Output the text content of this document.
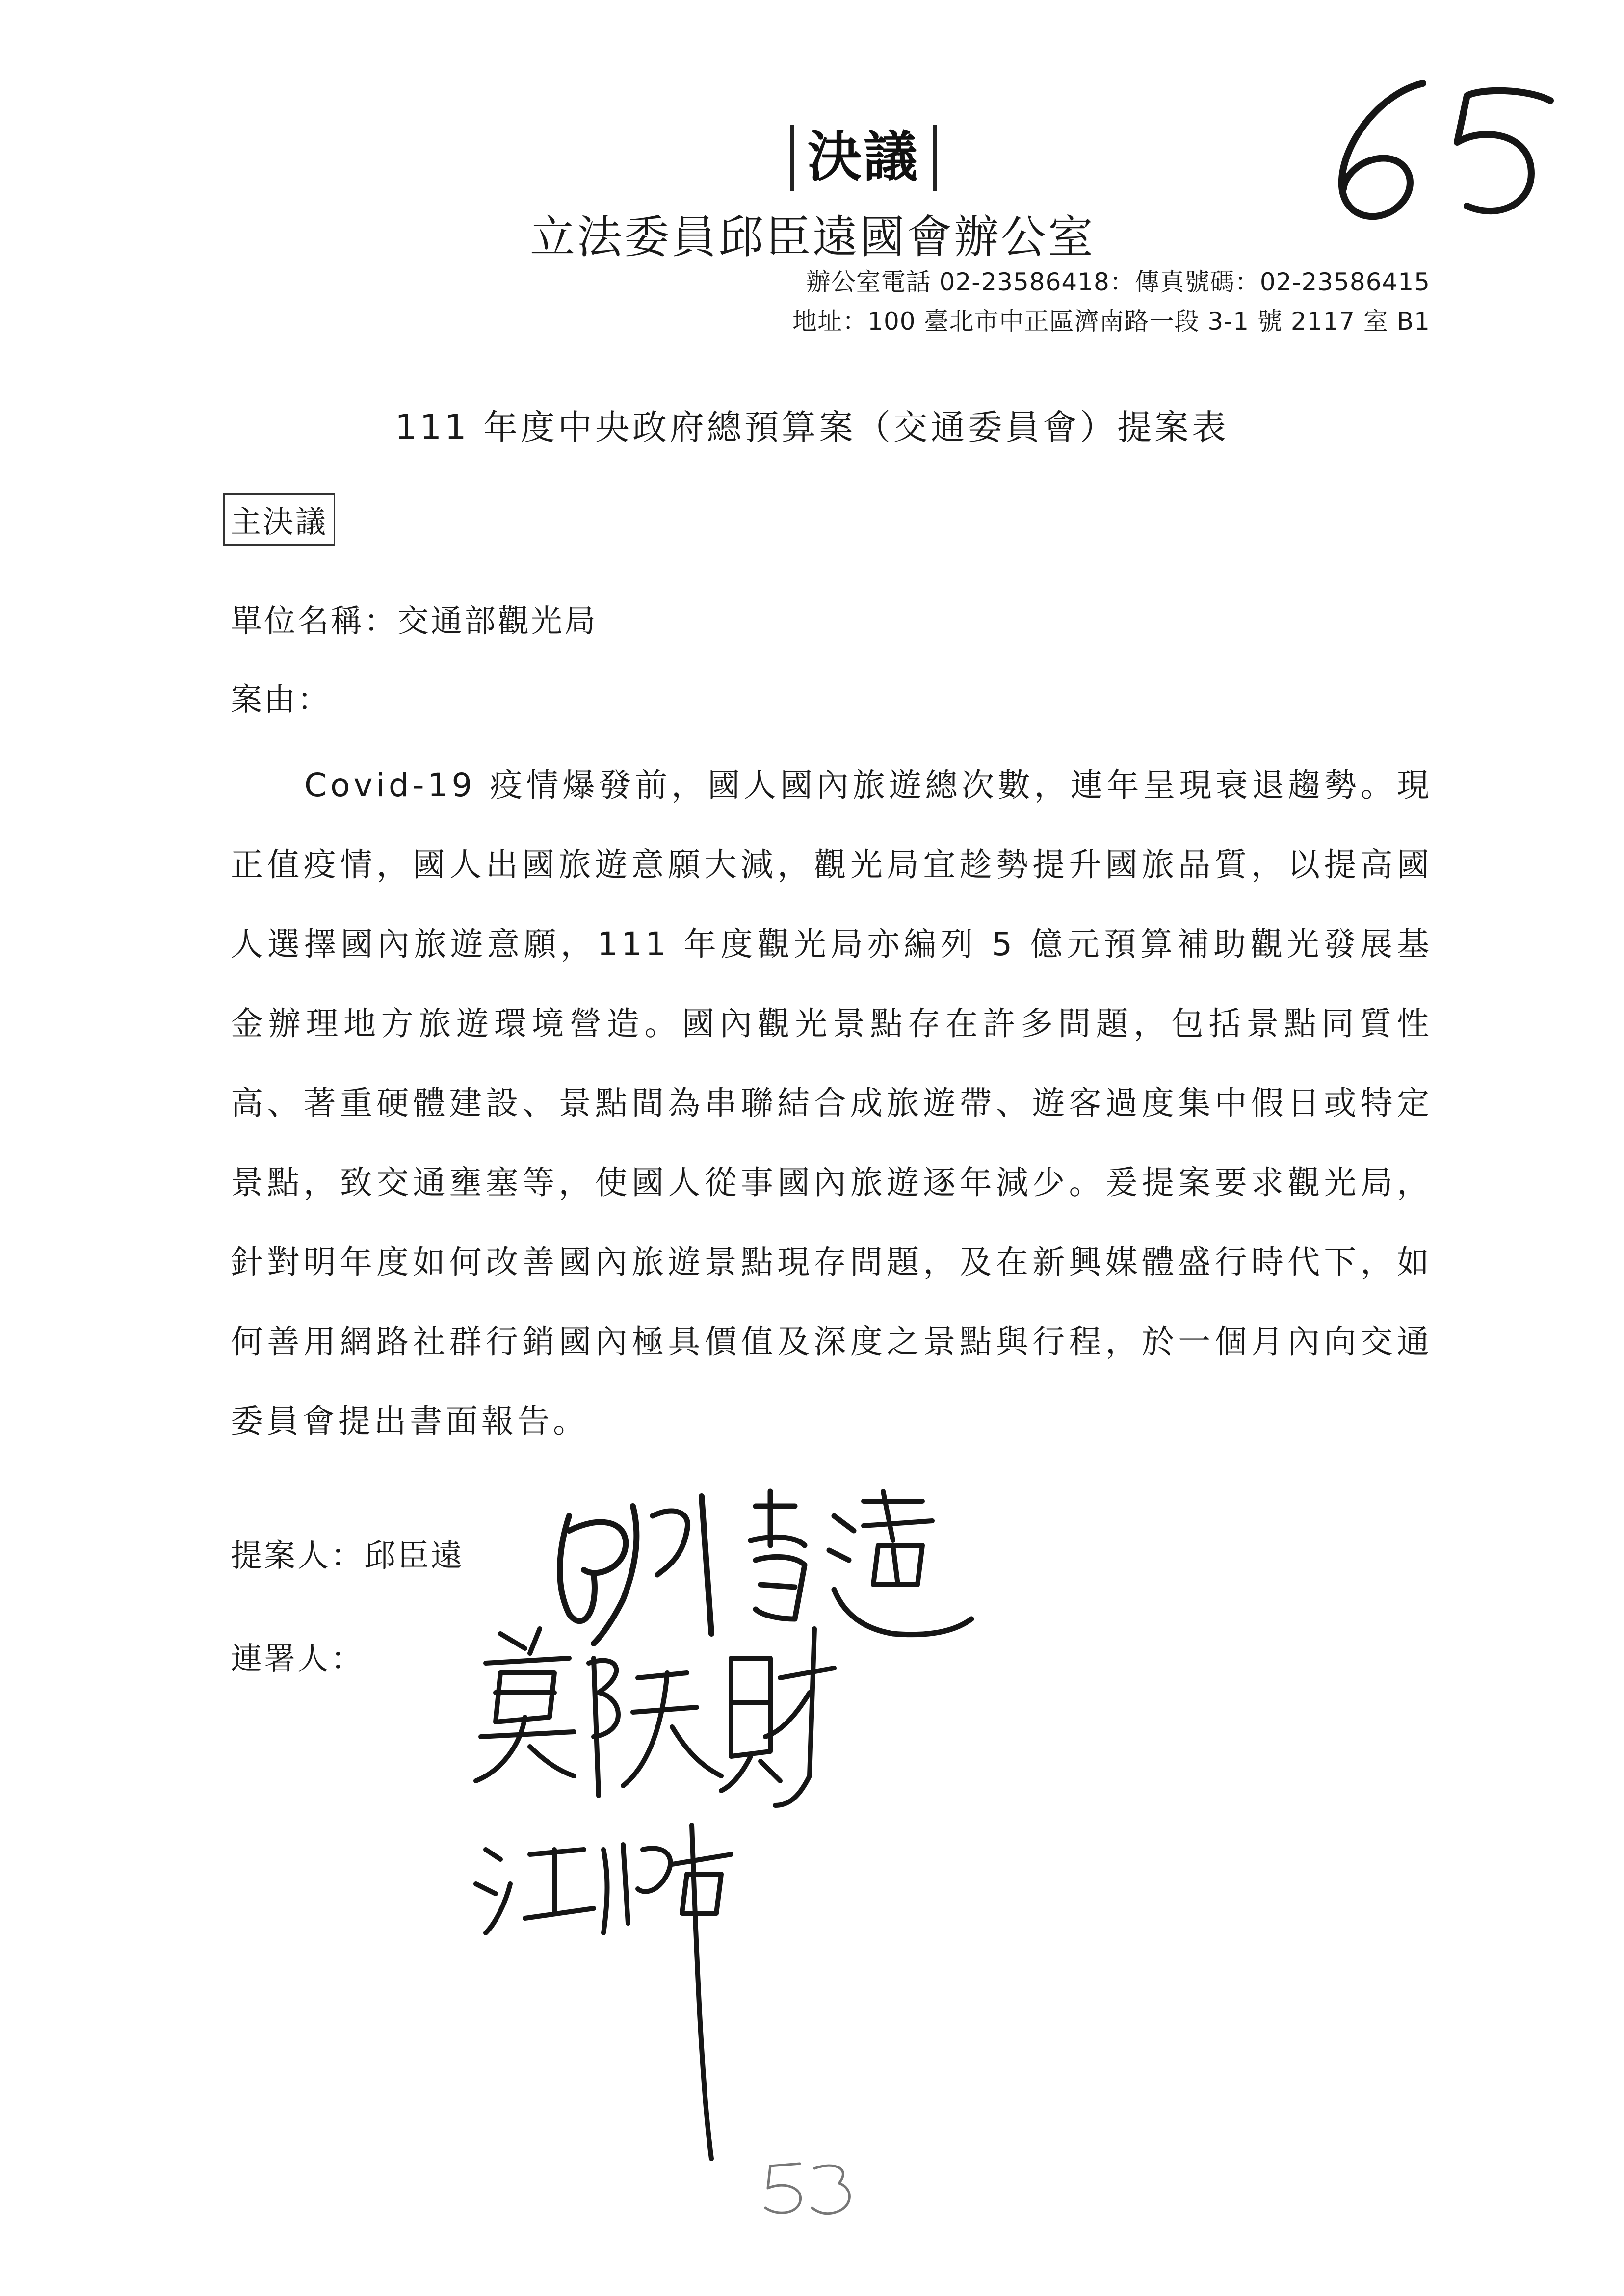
決議
立法委員邱臣遠國會辦公室
辦公室電話 02-23586418：傳真號碼：02-23586415
地址：100 臺北市中正區濟南路一段 3-1 號 2117 室 B1
111 年度中央政府總預算案（交通委員會）提案表
主決議
單位名稱：交通部觀光局
案由：
Covid-19 疫情爆發前，國人國內旅遊總次數，連年呈現衰退趨勢。現正值疫情，國人出國旅遊意願大減，觀光局宜趁勢提升國旅品質，以提高國人選擇國內旅遊意願，111 年度觀光局亦編列 5 億元預算補助觀光發展基金辦理地方旅遊環境營造。國內觀光景點存在許多問題，包括景點同質性高、著重硬體建設、景點間為串聯結合成旅遊帶、遊客過度集中假日或特定景點，致交通壅塞等，使國人從事國內旅遊逐年減少。爰提案要求觀光局，針對明年度如何改善國內旅遊景點現存問題，及在新興媒體盛行時代下，如何善用網路社群行銷國內極具價值及深度之景點與行程，於一個月內向交通委員會提出書面報告。
提案人：邱臣遠
連署人：
